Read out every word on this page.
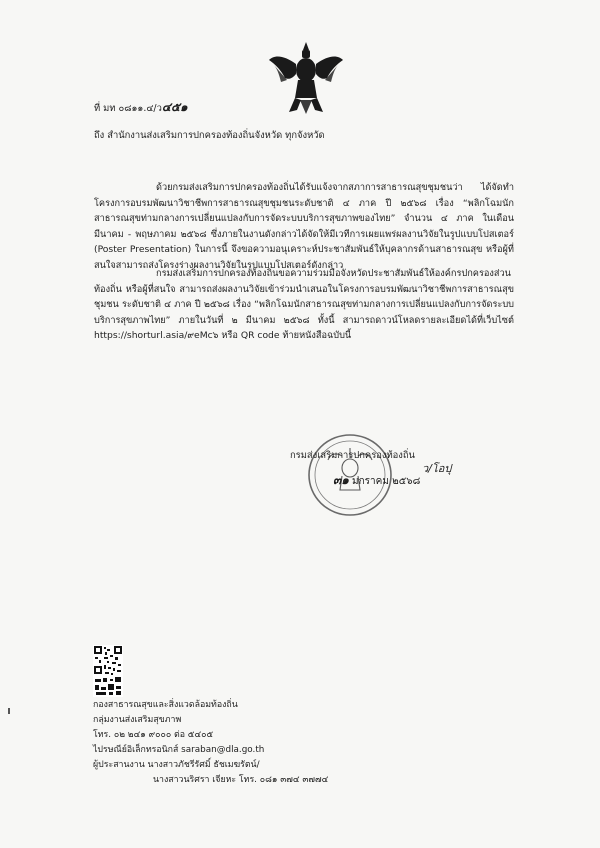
ที่ มท ๐๘๑๑.๔/ว๔๕๑
ถึง สำนักงานส่งเสริมการปกครองท้องถิ่นจังหวัด ทุกจังหวัด
ด้วยกรมส่งเสริมการปกครองท้องถิ่นได้รับแจ้งจากสภาการสาธารณสุขชุมชนว่า ได้จัดทำโครงการอบรมพัฒนาวิชาชีพการสาธารณสุขชุมชนระดับชาติ ๔ ภาค ปี ๒๕๖๘ เรื่อง “พลิกโฉมนักสาธารณสุขท่ามกลางการเปลี่ยนแปลงกับการจัดระบบบริการสุขภาพของไทย” จำนวน ๔ ภาค ในเดือนมีนาคม - พฤษภาคม ๒๕๖๘ ซึ่งภายในงานดังกล่าวได้จัดให้มีเวทีการเผยแพร่ผลงานวิจัยในรูปแบบโปสเตอร์ (Poster Presentation) ในการนี้ จึงขอความอนุเคราะห์ประชาสัมพันธ์ให้บุคลากรด้านสาธารณสุข หรือผู้ที่สนใจสามารถส่งโครงร่างผลงานวิจัยในรูปแบบโปสเตอร์ดังกล่าว
กรมส่งเสริมการปกครองท้องถิ่นขอความร่วมมือจังหวัดประชาสัมพันธ์ให้องค์กรปกครองส่วนท้องถิ่น หรือผู้ที่สนใจ สามารถส่งผลงานวิจัยเข้าร่วมนำเสนอในโครงการอบรมพัฒนาวิชาชีพการสาธารณสุขชุมชน ระดับชาติ ๔ ภาค ปี ๒๕๖๘ เรื่อง “พลิกโฉมนักสาธารณสุขท่ามกลางการเปลี่ยนแปลงกับการจัดระบบบริการสุขภาพไทย” ภายในวันที่ ๒ มีนาคม ๒๕๖๘ ทั้งนี้ สามารถดาวน์โหลดรายละเอียดได้ที่เว็บไซต์ https://shorturl.asia/๙eMc๖ หรือ QR code ท้ายหนังสือฉบับนี้
กรมส่งเสริมการปกครองท้องถิ่น
ว/โอปุ
๓๑ มกราคม ๒๕๖๘
กองสาธารณสุขและสิ่งแวดล้อมท้องถิ่น
กลุ่มงานส่งเสริมสุขภาพ
โทร. ๐๒ ๒๔๑ ๙๐๐๐ ต่อ ๕๔๐๕
ไปรษณีย์อิเล็กทรอนิกส์ saraban@dla.go.th
ผู้ประสานงาน นางสาวภัชรีรัศมิ์ ธัชเมฆรัตน์/
นางสาวนริศรา เจียหะ โทร. ๐๘๑ ๓๗๔ ๓๗๗๔
